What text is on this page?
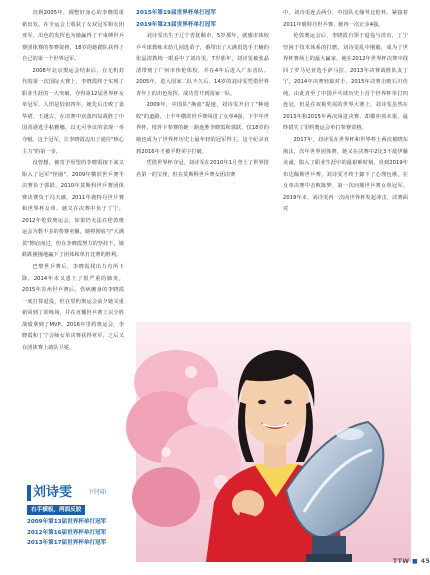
直到2005年，调整好身心的李晓霞重新出发，在全运会上收获了女双冠军和女团亚军，出色的发挥也为她赢得了不束缚世乒赛团体赛的参赛资格，18岁的她踏队获得了自己的第一个世界冠军。

2008年北京奥运会结束后，在无机封代的第一次国际大赛上，李晓霞终于实现了职业生涯的一大突破，夺得第12届世界杯女单冠军，人但是恰如四年，她先后击败了姜华珺、王越古，在决赛中直落四局战胜了中国香港选手帖雅娜，以无可争议的表现一举夺魁。这个冠军，让李晓霞迈出了通往"核心主力"的第一步。

没曾想，被寄予厚望的李晓霞接下来又陷入了冠军"怪圈"，2009年横滨世乒赛半决赛负于郭跃，2010年莫斯科世乒赛团体赛决赛负于冯天薇，2011年鹿特丹世乒赛和世界杯女单，她又在决赛中负于丁宁。2012年伦敦奥运会，如果仍无法在伦敦奥运会为数不多的参赛名额，她将彻底与"大满贯"擦肩而过，但在李晓霞努力的坚持下，她跌跌撞撞地赢下了团体和单打比赛的胜利。

巴黎世乒赛后，李晓霞找出力有所下降，2014年末又患上了很严重的肺炎。2015年苏州世乒赛后，伤病缠身的李晓霞一度打算退役，但在里约奥运会前夕她又重新回到了训练场，并在直播世乒赛上以全胜战绩拿到了MVP。2016年里约奥运会，李晓霞和丁宁会师女单决赛获得亚军，之后又在团体赛上助队卫冕。

2015年第19届世界杯单打冠军

2019年第23届世界杯单打冠军

刘诗雯出生于辽宁省抚顺市，5岁那年，就感市体校乒乓球教练未幼儿园选苗子，番带出了大满贯选手王楠的张晶清教练一眼看中了刘诗雯。7岁那年，刘诗雯被张晶清带到了广州市伟伦体校，并在4年后进入广东省队。2005年，进入国家二队不久后，14岁的刘诗雯凭借世界青年上的出色发挥，成功晋升到国家一队。

2009年，中国队"换血"提速，刘诗雯开启了"种地收"的道路，上半年横滨世乒赛闯进了女单4强，下半年世界杯，按外卡参赛的她一路连胜李晓霞和郭跃，仅18岁的她也成为了世界杯历史上最年轻的冠军得主。这个纪录直到2016年才被平野美宇打破。

凭借世界杯夺冠，刘诗雯在2010年1月登上了世界排名第一的宝座，但在莫斯科世乒赛女团决赛

中，刘诗雯连丢两分，中国队无缘考比伦杯。紧接着2011年鹿特丹世乒赛，她再一次止步4强。

伦敦奥运会后，李晓霞自领于退役与淡出，丁宁坚困于技术体系的打磨，刘诗雯乱中刚毅，成为了世界杯赛场上的最大赢家，她在2012年世界杯决赛中找回了罗马尼亚选手萨马拉，2013年决赛战胜队友丁宁，2014年决赛轻取对手，2015年决赛击败石川佳纯。由此直至了中国乒乓球历史上首个世界杯单打四连冠，但是在双板奖需的世界大赛上，刘诗雯虽然在2013年和2015年两次闯进决赛，却都冲顶未果，最终错失了里约奥运会单打参赛资格。

2017年，刘诗雯在世界杯和世界杯上两次被晓东淘汰，次年世界团体赛，她又在决赛中2比3不敌伊藤美诚，陷入了职业生涯中的最艰难时刻。直到2019年布达佩斯世乒赛，刘诗雯才终于卸下了心理包袱，在女单决赛中击败陈梦，第一次问鼎世乒赛女单冠军。2019年末，刘诗雯再一次向世界杯发起冲击，决赛面对

刘诗雯 （中国）
右手横板，两面反胶
2009年第13届世界杯单打冠军
2012年第16届世界杯单打冠军
2013年第17届世界杯单打冠军
TTW ■ 45
